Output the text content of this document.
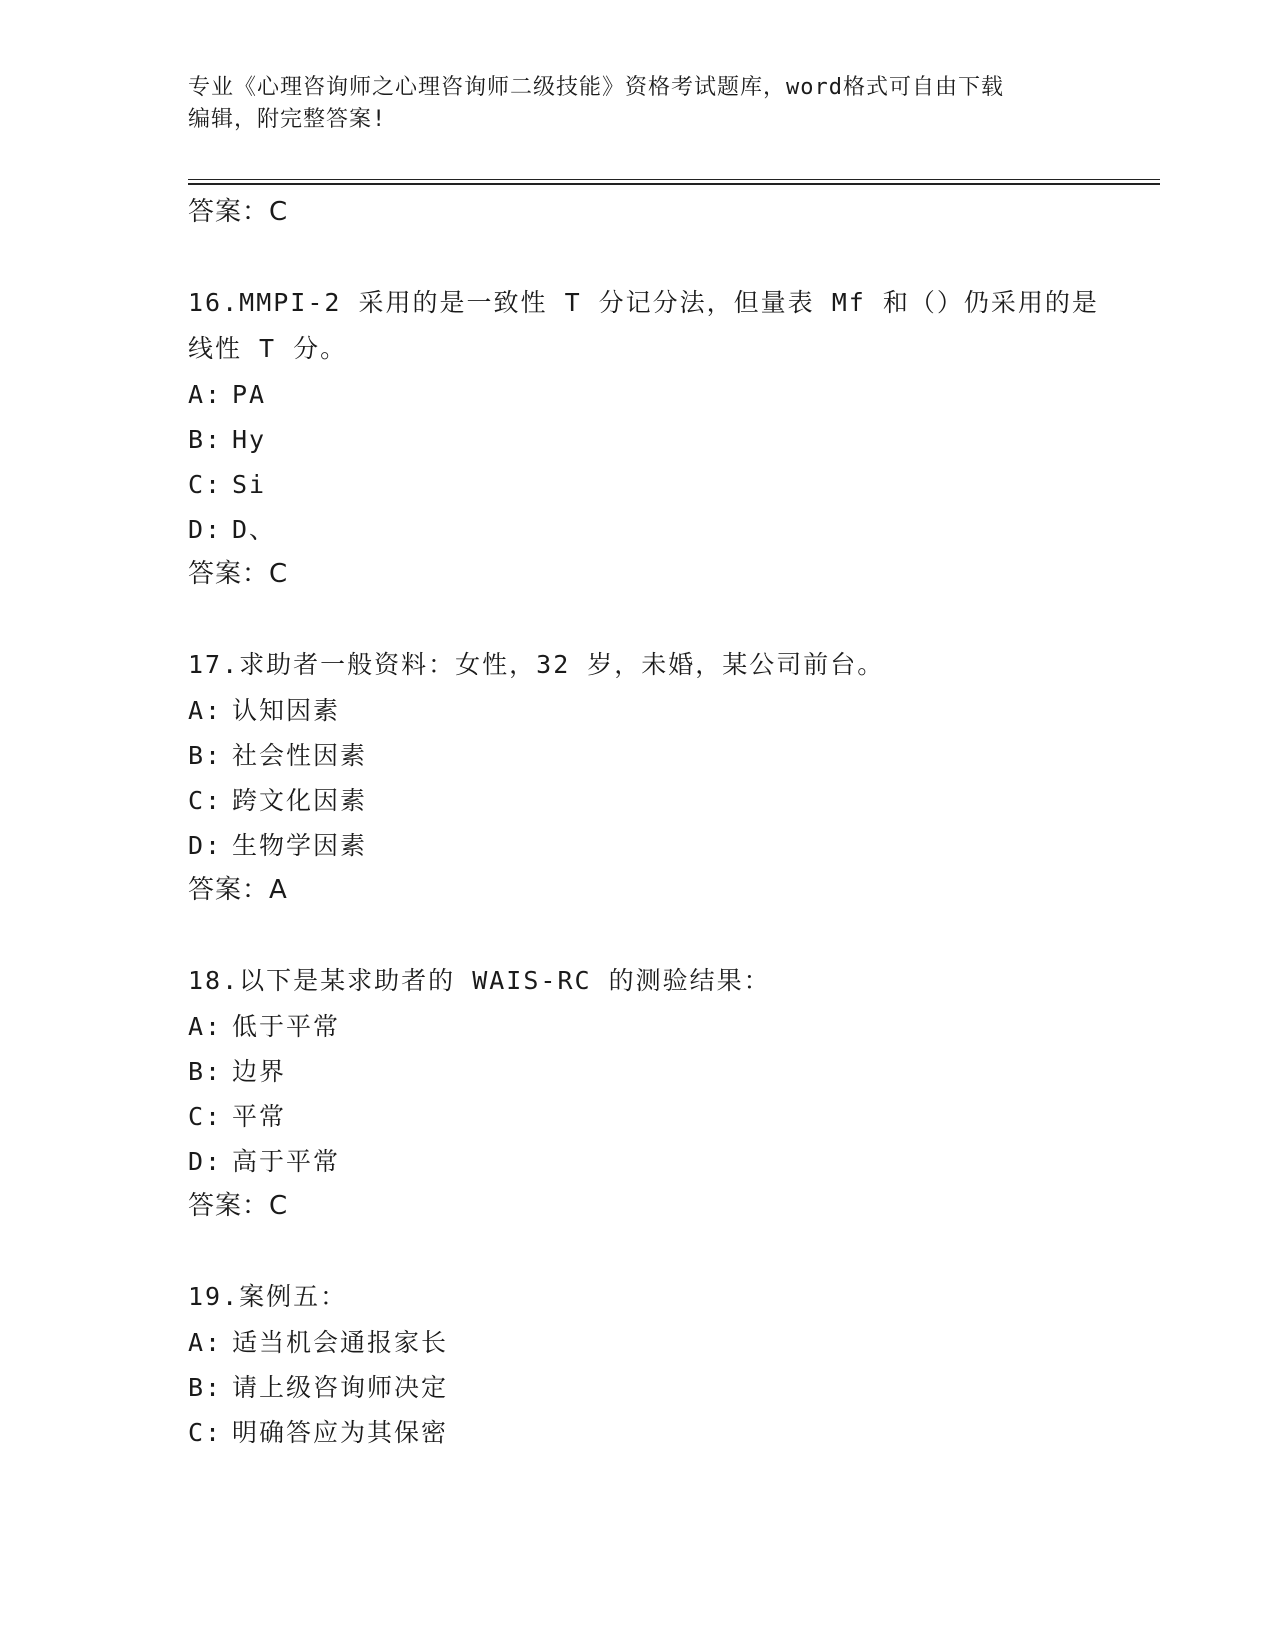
专业《心理咨询师之心理咨询师二级技能》资格考试题库，word格式可自由下载
编辑，附完整答案!
答案：C
16.MMPI-2 采用的是一致性 T 分记分法，但量表 Mf 和（）仍采用的是
线性 T 分。
A: PA
B: Hy
C: Si
D: D、
答案：C
17.求助者一般资料：女性，32 岁，未婚，某公司前台。
A: 认知因素
B: 社会性因素
C: 跨文化因素
D: 生物学因素
答案：A
18.以下是某求助者的 WAIS-RC 的测验结果：
A: 低于平常
B: 边界
C: 平常
D: 高于平常
答案：C
19.案例五：
A: 适当机会通报家长
B: 请上级咨询师决定
C: 明确答应为其保密
